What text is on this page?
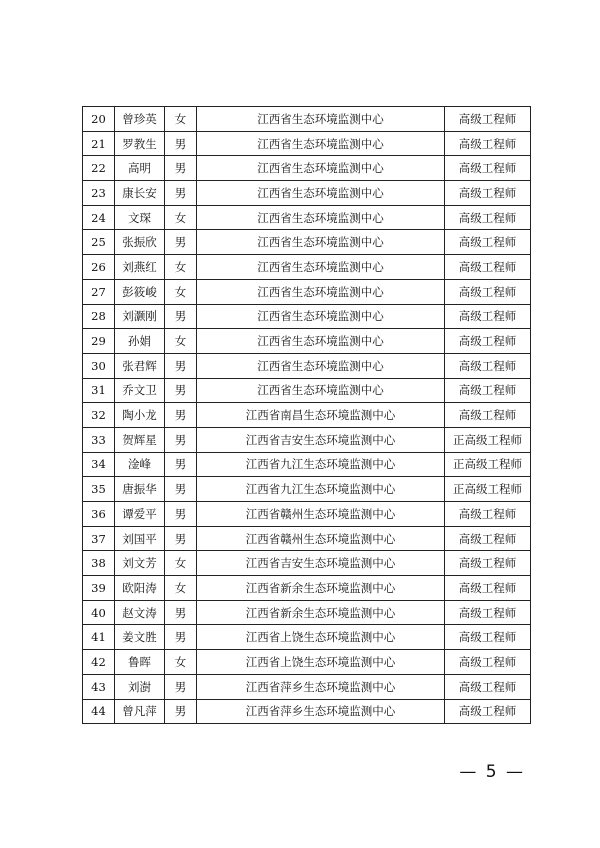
20	曾珍英	女	江西省生态环境监测中心	高级工程师
21	罗教生	男	江西省生态环境监测中心	高级工程师
22	高明	男	江西省生态环境监测中心	高级工程师
23	康长安	男	江西省生态环境监测中心	高级工程师
24	文琛	女	江西省生态环境监测中心	高级工程师
25	张振欣	男	江西省生态环境监测中心	高级工程师
26	刘燕红	女	江西省生态环境监测中心	高级工程师
27	彭筱峻	女	江西省生态环境监测中心	高级工程师
28	刘灏刚	男	江西省生态环境监测中心	高级工程师
29	孙娟	女	江西省生态环境监测中心	高级工程师
30	张君辉	男	江西省生态环境监测中心	高级工程师
31	乔文卫	男	江西省生态环境监测中心	高级工程师
32	陶小龙	男	江西省南昌生态环境监测中心	高级工程师
33	贺辉星	男	江西省吉安生态环境监测中心	正高级工程师
34	淦峰	男	江西省九江生态环境监测中心	正高级工程师
35	唐振华	男	江西省九江生态环境监测中心	正高级工程师
36	谭爱平	男	江西省赣州生态环境监测中心	高级工程师
37	刘国平	男	江西省赣州生态环境监测中心	高级工程师
38	刘文芳	女	江西省吉安生态环境监测中心	高级工程师
39	欧阳涛	女	江西省新余生态环境监测中心	高级工程师
40	赵文涛	男	江西省新余生态环境监测中心	高级工程师
41	姜文胜	男	江西省上饶生态环境监测中心	高级工程师
42	鲁晖	女	江西省上饶生态环境监测中心	高级工程师
43	刘澍	男	江西省萍乡生态环境监测中心	高级工程师
44	曾凡萍	男	江西省萍乡生态环境监测中心	高级工程师
— 5 —
